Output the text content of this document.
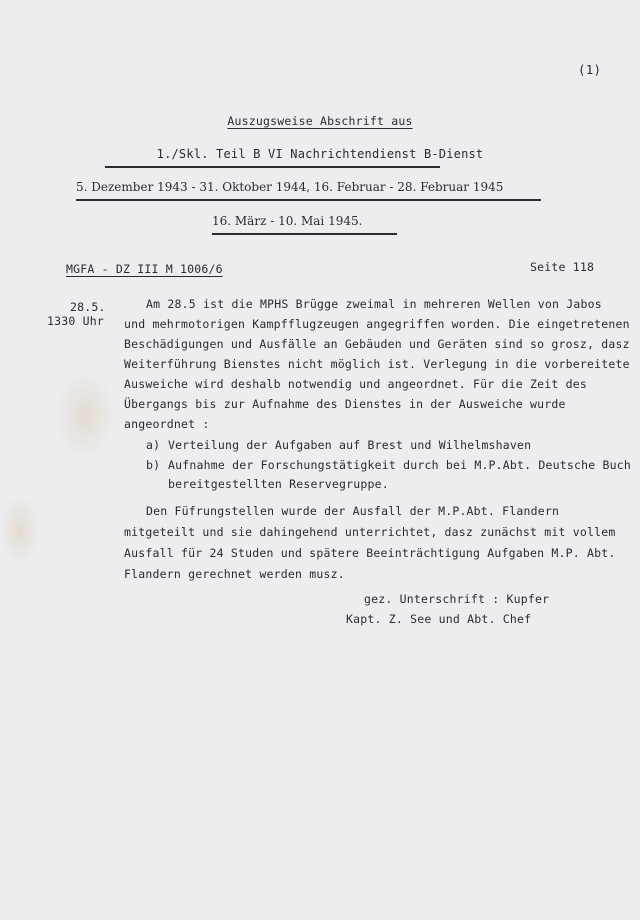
(1)
Auszugsweise Abschrift aus
1./Skl. Teil B VI Nachrichtendienst B-Dienst
5. Dezember 1943 - 31. Oktober 1944, 16. Februar - 28. Februar 1945
16. März - 10. Mai 1945.
MGFA - DZ III M 1006/6	Seite 118
28.5.
1330 Uhr
Am 28.5 ist die MPHS Brügge zweimal in mehreren Wellen von Jabos
und mehrmotorigen Kampfflugzeugen angegriffen worden. Die eingetretenen
Beschädigungen und Ausfälle an Gebäuden und Geräten sind so grosz, dasz
Weiterführung Bienstes nicht möglich ist. Verlegung in die vorbereitete
Ausweiche wird deshalb notwendig und angeordnet. Für die Zeit des
Übergangs bis zur Aufnahme des Dienstes in der Ausweiche wurde
angeordnet :
a) Verteilung der Aufgaben auf Brest und Wilhelmshaven
b) Aufnahme der Forschungstätigkeit durch bei M.P.Abt. Deutsche Buch
bereitgestellten Reservegruppe.
Den Füfrungstellen wurde der Ausfall der M.P.Abt. Flandern
mitgeteilt und sie dahingehend unterrichtet, dasz zunächst mit vollem
Ausfall für 24 Studen und spätere Beeinträchtigung Aufgaben M.P. Abt.
Flandern gerechnet werden musz.
gez. Unterschrift : Kupfer
Kapt. Z. See und Abt. Chef
